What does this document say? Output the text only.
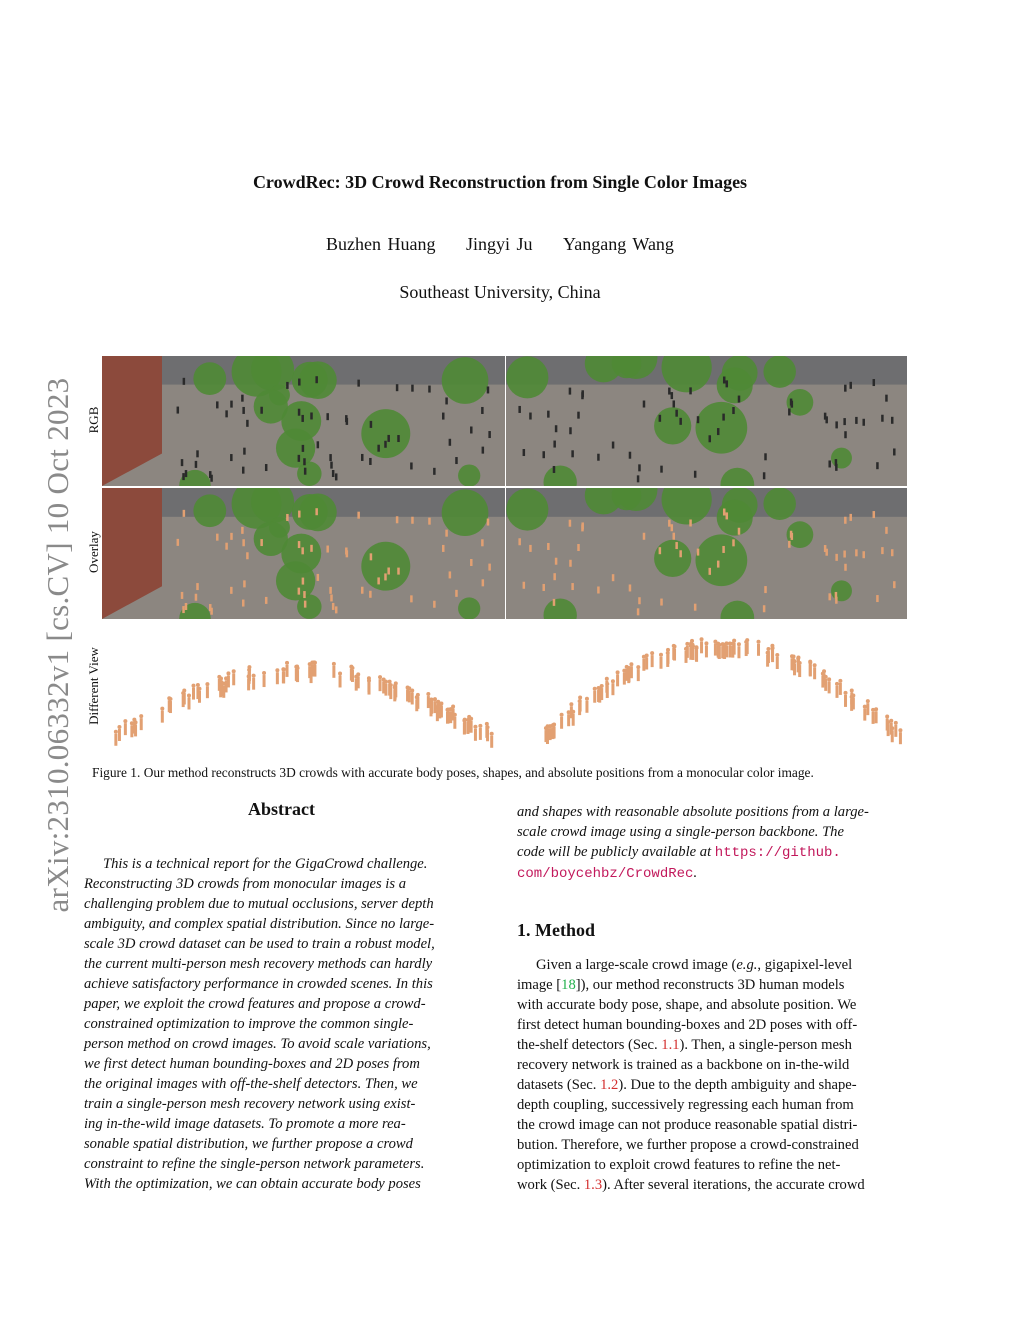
arXiv:2310.06332v1 [cs.CV] 10 Oct 2023
CrowdRec: 3D Crowd Reconstruction from Single Color Images
Buzhen Huang Jingyi Ju Yangang Wang
Southeast University, China
RGB
Overlay
Different View
Figure 1. Our method reconstructs 3D crowds with accurate body poses, shapes, and absolute positions from a monocular color image.
Abstract
This is a technical report for the GigaCrowd challenge.
Reconstructing 3D crowds from monocular images is a
challenging problem due to mutual occlusions, server depth
ambiguity, and complex spatial distribution. Since no large-
scale 3D crowd dataset can be used to train a robust model,
the current multi-person mesh recovery methods can hardly
achieve satisfactory performance in crowded scenes. In this
paper, we exploit the crowd features and propose a crowd-
constrained optimization to improve the common single-
person method on crowd images. To avoid scale variations,
we first detect human bounding-boxes and 2D poses from
the original images with off-the-shelf detectors. Then, we
train a single-person mesh recovery network using exist-
ing in-the-wild image datasets. To promote a more rea-
sonable spatial distribution, we further propose a crowd
constraint to refine the single-person network parameters.
With the optimization, we can obtain accurate body poses
and shapes with reasonable absolute positions from a large-
scale crowd image using a single-person backbone. The
code will be publicly available at https://github.
com/boycehbz/CrowdRec.
1. Method
Given a large-scale crowd image (e.g., gigapixel-level
image [18]), our method reconstructs 3D human models
with accurate body pose, shape, and absolute position. We
first detect human bounding-boxes and 2D poses with off-
the-shelf detectors (Sec. 1.1). Then, a single-person mesh
recovery network is trained as a backbone on in-the-wild
datasets (Sec. 1.2). Due to the depth ambiguity and shape-
depth coupling, successively regressing each human from
the crowd image can not produce reasonable spatial distri-
bution. Therefore, we further propose a crowd-constrained
optimization to exploit crowd features to refine the net-
work (Sec. 1.3). After several iterations, the accurate crowd
